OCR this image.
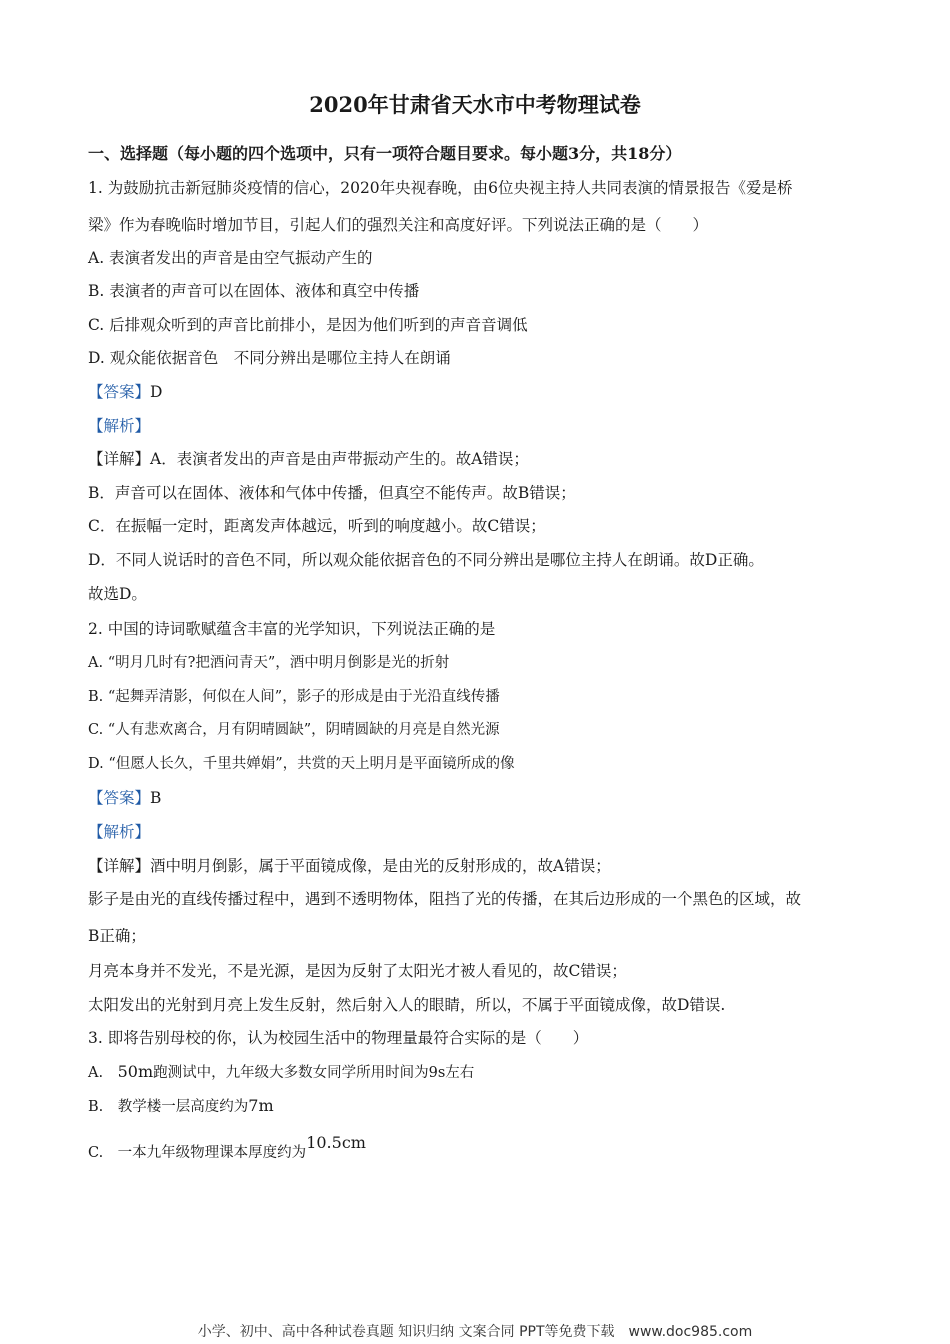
2020年甘肃省天水市中考物理试卷
一、选择题（每小题的四个选项中，只有一项符合题目要求。每小题3分，共18分）
1. 为鼓励抗击新冠肺炎疫情的信心，2020年央视春晚，由6位央视主持人共同表演的情景报告《爱是桥
梁》作为春晚临时增加节目，引起人们的强烈关注和高度好评。下列说法正确的是（　　）
A. 表演者发出的声音是由空气振动产生的
B. 表演者的声音可以在固体、液体和真空中传播
C. 后排观众听到的声音比前排小，是因为他们听到的声音音调低
D. 观众能依据音色　不同分辨出是哪位主持人在朗诵
【答案】D
【解析】
【详解】A．表演者发出的声音是由声带振动产生的。故A错误；
B．声音可以在固体、液体和气体中传播，但真空不能传声。故B错误；
C．在振幅一定时，距离发声体越远，听到的响度越小。故C错误；
D．不同人说话时的音色不同，所以观众能依据音色的不同分辨出是哪位主持人在朗诵。故D正确。
故选D。
2. 中国的诗词歌赋蕴含丰富的光学知识，下列说法正确的是
A. “明月几时有?把酒问青天”，酒中明月倒影是光的折射
B. “起舞弄清影，何似在人间”，影子的形成是由于光沿直线传播
C. “人有悲欢离合，月有阴晴圆缺”，阴晴圆缺的月亮是自然光源
D. “但愿人长久，千里共婵娟”，共赏的天上明月是平面镜所成的像
【答案】B
【解析】
【详解】酒中明月倒影，属于平面镜成像，是由光的反射形成的，故A错误；
影子是由光的直线传播过程中，遇到不透明物体，阻挡了光的传播，在其后边形成的一个黑色的区域，故
B正确；
月亮本身并不发光，不是光源，是因为反射了太阳光才被人看见的，故C错误；
太阳发出的光射到月亮上发生反射，然后射入人的眼睛，所以，不属于平面镜成像，故D错误.
3. 即将告别母校的你，认为校园生活中的物理量最符合实际的是（　　）
A.　50m跑测试中，九年级大多数女同学所用时间为9s左右
B.　教学楼一层高度约为7m
C.　一本九年级物理课本厚度约为10.5cm
小学、初中、高中各种试卷真题 知识归纳 文案合同 PPT等免费下载　www.doc985.com
